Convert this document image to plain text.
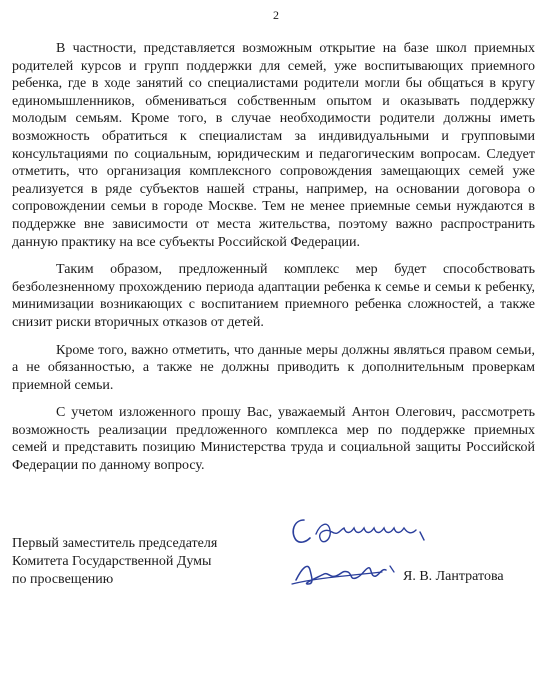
2

В частности, представляется возможным открытие на базе школ приемных родителей курсов и групп поддержки для семей, уже воспитывающих приемного ребенка, где в ходе занятий со специалистами родители могли бы общаться в кругу единомышленников, обмениваться собственным опытом и оказывать поддержку молодым семьям. Кроме того, в случае необходимости родители должны иметь возможность обратиться к специалистам за индивидуальными и групповыми консультациями по социальным, юридическим и педагогическим вопросам. Следует отметить, что организация комплексного сопровождения замещающих семей уже реализуется в ряде субъектов нашей страны, например, на основании договора о сопровождении семьи в городе Москве. Тем не менее приемные семьи нуждаются в поддержке вне зависимости от места жительства, поэтому важно распространить данную практику на все субъекты Российской Федерации.

Таким образом, предложенный комплекс мер будет способствовать безболезненному прохождению периода адаптации ребенка к семье и семьи к ребенку, минимизации возникающих с воспитанием приемного ребенка сложностей, а также снизит риски вторичных отказов от детей.

Кроме того, важно отметить, что данные меры должны являться правом семьи, а не обязанностью, а также не должны приводить к дополнительным проверкам приемной семьи.

С учетом изложенного прошу Вас, уважаемый Антон Олегович, рассмотреть возможность реализации предложенного комплекса мер по поддержке приемных семей и представить позицию Министерства труда и социальной защиты Российской Федерации по данному вопросу.

Первый заместитель председателя
Комитета Государственной Думы
по просвещению	Я. В. Лантратова
